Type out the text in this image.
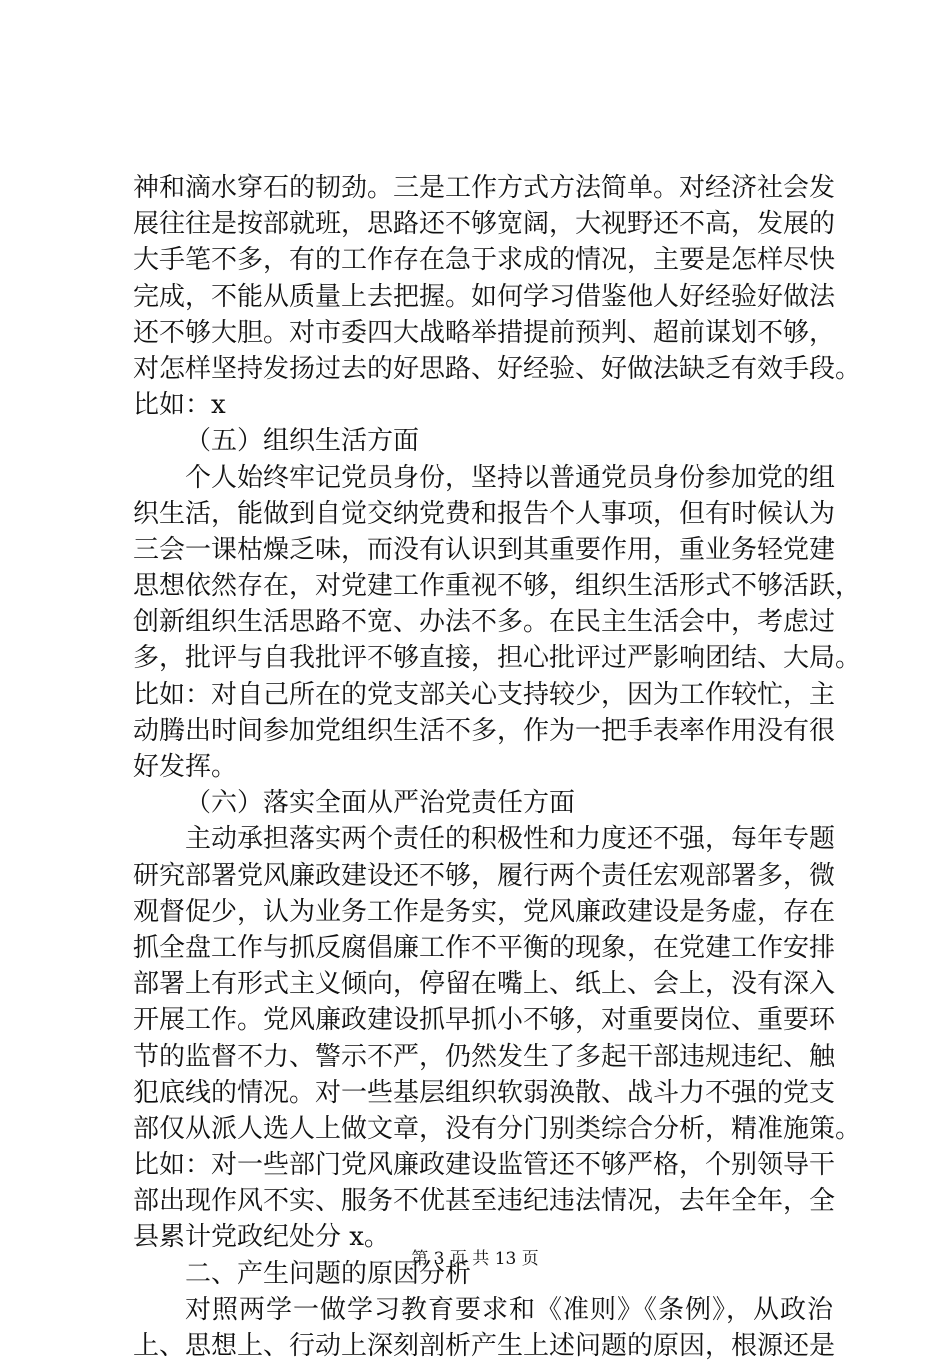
神和滴水穿石的韧劲。三是工作方式方法简单。对经济社会发
展往往是按部就班，思路还不够宽阔，大视野还不高，发展的
大手笔不多，有的工作存在急于求成的情况，主要是怎样尽快
完成，不能从质量上去把握。如何学习借鉴他人好经验好做法
还不够大胆。对市委四大战略举措提前预判、超前谋划不够，
对怎样坚持发扬过去的好思路、好经验、好做法缺乏有效手段。
比如：x
（五）组织生活方面
个人始终牢记党员身份，坚持以普通党员身份参加党的组
织生活，能做到自觉交纳党费和报告个人事项，但有时候认为
三会一课枯燥乏味，而没有认识到其重要作用，重业务轻党建
思想依然存在，对党建工作重视不够，组织生活形式不够活跃，
创新组织生活思路不宽、办法不多。在民主生活会中，考虑过
多，批评与自我批评不够直接，担心批评过严影响团结、大局。
比如：对自己所在的党支部关心支持较少，因为工作较忙，主
动腾出时间参加党组织生活不多，作为一把手表率作用没有很
好发挥。
（六）落实全面从严治党责任方面
主动承担落实两个责任的积极性和力度还不强，每年专题
研究部署党风廉政建设还不够，履行两个责任宏观部署多，微
观督促少，认为业务工作是务实，党风廉政建设是务虚，存在
抓全盘工作与抓反腐倡廉工作不平衡的现象，在党建工作安排
部署上有形式主义倾向，停留在嘴上、纸上、会上，没有深入
开展工作。党风廉政建设抓早抓小不够，对重要岗位、重要环
节的监督不力、警示不严，仍然发生了多起干部违规违纪、触
犯底线的情况。对一些基层组织软弱涣散、战斗力不强的党支
部仅从派人选人上做文章，没有分门别类综合分析，精准施策。
比如：对一些部门党风廉政建设监管还不够严格，个别领导干
部出现作风不实、服务不优甚至违纪违法情况，去年全年，全
县累计党政纪处分 x。
二、产生问题的原因分析
对照两学一做学习教育要求和《准则》《条例》，从政治
上、思想上、行动上深刻剖析产生上述问题的原因，根源还是
第 3 页 共 13 页
